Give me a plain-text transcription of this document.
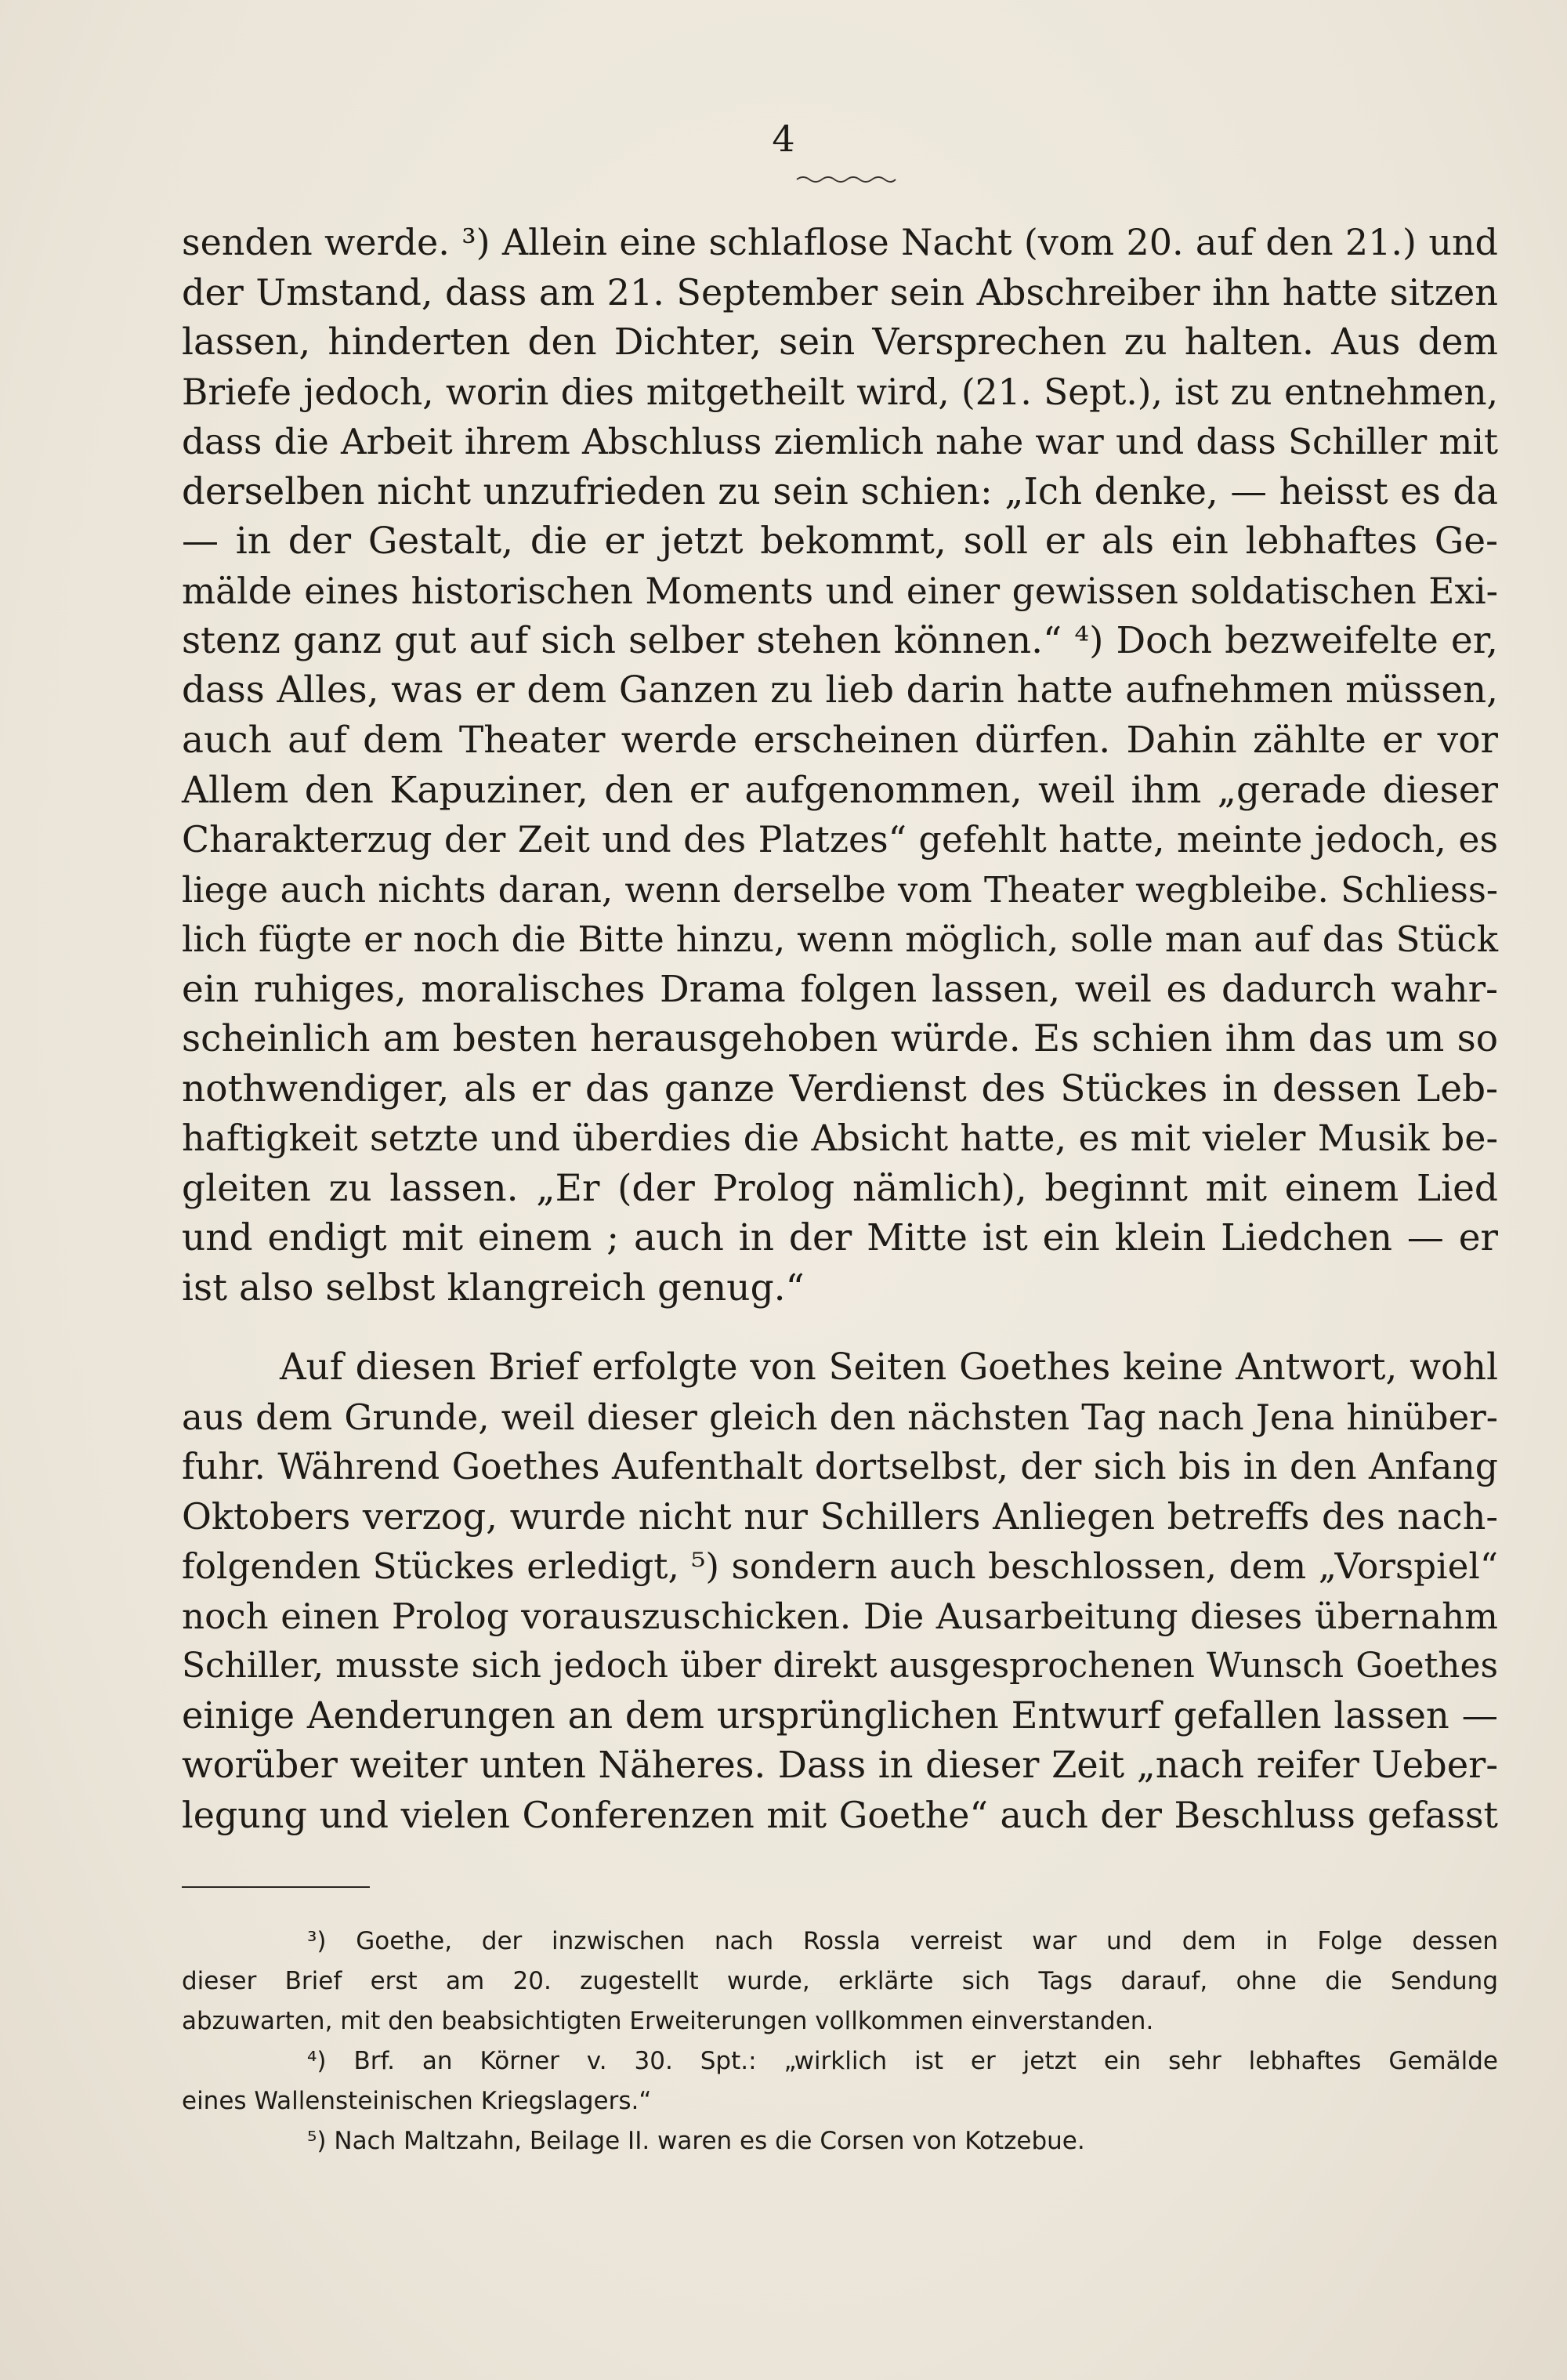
4
senden werde. ³) Allein eine schlaflose Nacht (vom 20. auf den 21.) und
der Umstand, dass am 21. September sein Abschreiber ihn hatte sitzen
lassen, hinderten den Dichter, sein Versprechen zu halten. Aus dem
Briefe jedoch, worin dies mitgetheilt wird, (21. Sept.), ist zu entnehmen,
dass die Arbeit ihrem Abschluss ziemlich nahe war und dass Schiller mit
derselben nicht unzufrieden zu sein schien: „Ich denke, — heisst es da
— in der Gestalt, die er jetzt bekommt, soll er als ein lebhaftes Ge-
mälde eines historischen Moments und einer gewissen soldatischen Exi-
stenz ganz gut auf sich selber stehen können.“ ⁴) Doch bezweifelte er,
dass Alles, was er dem Ganzen zu lieb darin hatte aufnehmen müssen,
auch auf dem Theater werde erscheinen dürfen. Dahin zählte er vor
Allem den Kapuziner, den er aufgenommen, weil ihm „gerade dieser
Charakterzug der Zeit und des Platzes“ gefehlt hatte, meinte jedoch, es
liege auch nichts daran, wenn derselbe vom Theater wegbleibe. Schliess-
lich fügte er noch die Bitte hinzu, wenn möglich, solle man auf das Stück
ein ruhiges, moralisches Drama folgen lassen, weil es dadurch wahr-
scheinlich am besten herausgehoben würde. Es schien ihm das um so
nothwendiger, als er das ganze Verdienst des Stückes in dessen Leb-
haftigkeit setzte und überdies die Absicht hatte, es mit vieler Musik be-
gleiten zu lassen. „Er (der Prolog nämlich), beginnt mit einem Lied
und endigt mit einem ; auch in der Mitte ist ein klein Liedchen — er
ist also selbst klangreich genug.“
Auf diesen Brief erfolgte von Seiten Goethes keine Antwort, wohl
aus dem Grunde, weil dieser gleich den nächsten Tag nach Jena hinüber-
fuhr. Während Goethes Aufenthalt dortselbst, der sich bis in den Anfang
Oktobers verzog, wurde nicht nur Schillers Anliegen betreffs des nach-
folgenden Stückes erledigt, ⁵) sondern auch beschlossen, dem „Vorspiel“
noch einen Prolog vorauszuschicken. Die Ausarbeitung dieses übernahm
Schiller, musste sich jedoch über direkt ausgesprochenen Wunsch Goethes
einige Aenderungen an dem ursprünglichen Entwurf gefallen lassen —
worüber weiter unten Näheres. Dass in dieser Zeit „nach reifer Ueber-
legung und vielen Conferenzen mit Goethe“ auch der Beschluss gefasst
³) Goethe, der inzwischen nach Rossla verreist war und dem in Folge dessen
dieser Brief erst am 20. zugestellt wurde, erklärte sich Tags darauf, ohne die Sendung
abzuwarten, mit den beabsichtigten Erweiterungen vollkommen einverstanden.
⁴) Brf. an Körner v. 30. Spt.: „wirklich ist er jetzt ein sehr lebhaftes Gemälde
eines Wallensteinischen Kriegslagers.“
⁵) Nach Maltzahn, Beilage II. waren es die Corsen von Kotzebue.
